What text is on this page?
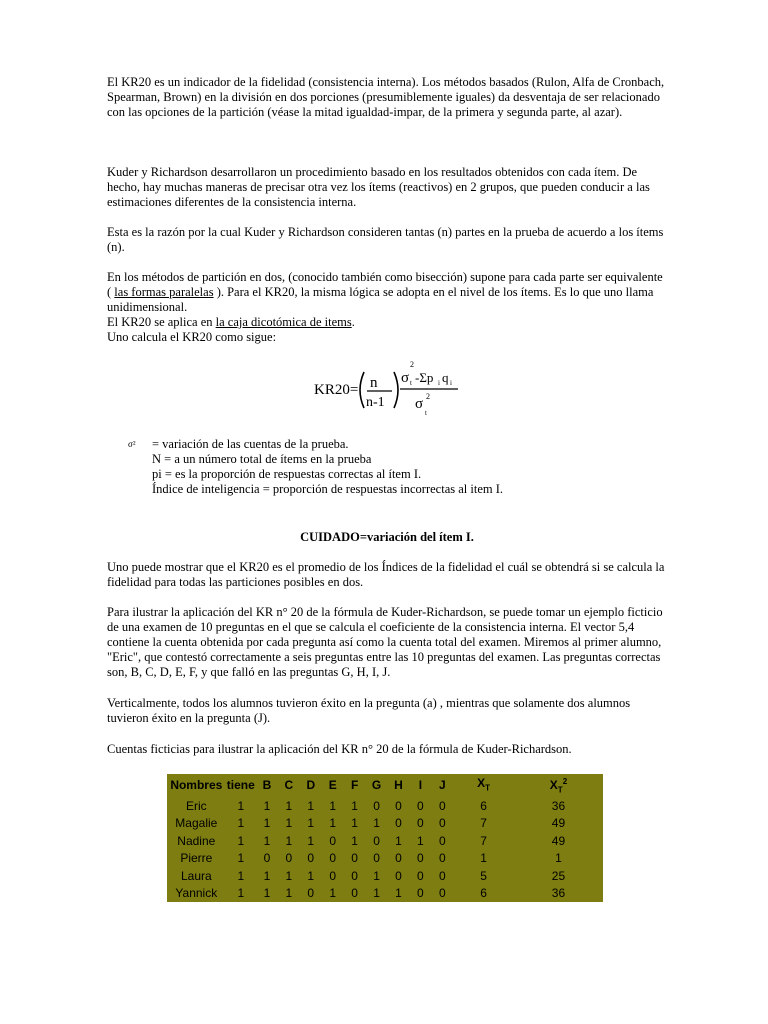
El KR20 es un indicador de la fidelidad (consistencia interna). Los métodos basados (Rulon, Alfa de Cronbach, Spearman, Brown) en la división en dos porciones (presumiblemente iguales) da desventaja de ser relacionado con las opciones de la partición (véase la mitad igualdad-impar, de la primera y segunda parte, al azar).

Kuder y Richardson desarrollaron un procedimiento basado en los resultados obtenidos con cada ítem. De hecho, hay muchas maneras de precisar otra vez los ítems (reactivos) en 2 grupos, que pueden conducir a las estimaciones diferentes de la consistencia interna.

Esta es la razón por la cual Kuder y Richardson consideren tantas (n) partes en la prueba de acuerdo a los ítems (n).

En los métodos de partición en dos, (conocido también como bisección) supone para cada parte ser equivalente ( las formas paralelas ). Para el KR20, la misma lógica se adopta en el nivel de los ítems. Es lo que uno llama unidimensional.
El KR20 se aplica en la caja dicotómica de items.
Uno calcula el KR20 como sigue:
KR20= n
n-1
σ
2
t -Σp i q i
σ 2
t
σ² = variación de las cuentas de la prueba.
N = a un número total de ítems en la prueba
pi = es la proporción de respuestas correctas al ítem I.
Índice de inteligencia = proporción de respuestas incorrectas al item I.

CUIDADO=variación del ítem I.

Uno puede mostrar que el KR20 es el promedio de los Índices de la fidelidad el cuál se obtendrá si se calcula la fidelidad para todas las particiones posibles en dos.

Para ilustrar la aplicación del KR n° 20 de la fórmula de Kuder-Richardson, se puede tomar un ejemplo ficticio de una examen de 10 preguntas en el que se calcula el coeficiente de la consistencia interna. El vector 5,4 contiene la cuenta obtenida por cada pregunta así como la cuenta total del examen. Miremos al primer alumno, "Eric", que contestó correctamente a seis preguntas entre las 10 preguntas del examen. Las preguntas correctas son, B, C, D, E, F, y que falló en las preguntas G, H, I, J.

Verticalmente, todos los alumnos tuvieron éxito en la pregunta (a) , mientras que solamente dos alumnos tuvieron éxito en la pregunta (J).

Cuentas ficticias para ilustrar la aplicación del KR n° 20 de la fórmula de Kuder-Richardson.

Nombres	tiene	B	C	D	E	F	G	H	I	J	$X_T$	$X_T^2$
Eric	1	1	1	1	1	1	0	0	0	0	6	36
Magalie	1	1	1	1	1	1	1	0	0	0	7	49
Nadine	1	1	1	1	0	1	0	1	1	0	7	49
Pierre	1	0	0	0	0	0	0	0	0	0	1	1
Laura	1	1	1	1	0	0	1	0	0	0	5	25
Yannick	1	1	1	0	1	0	1	1	0	0	6	36
